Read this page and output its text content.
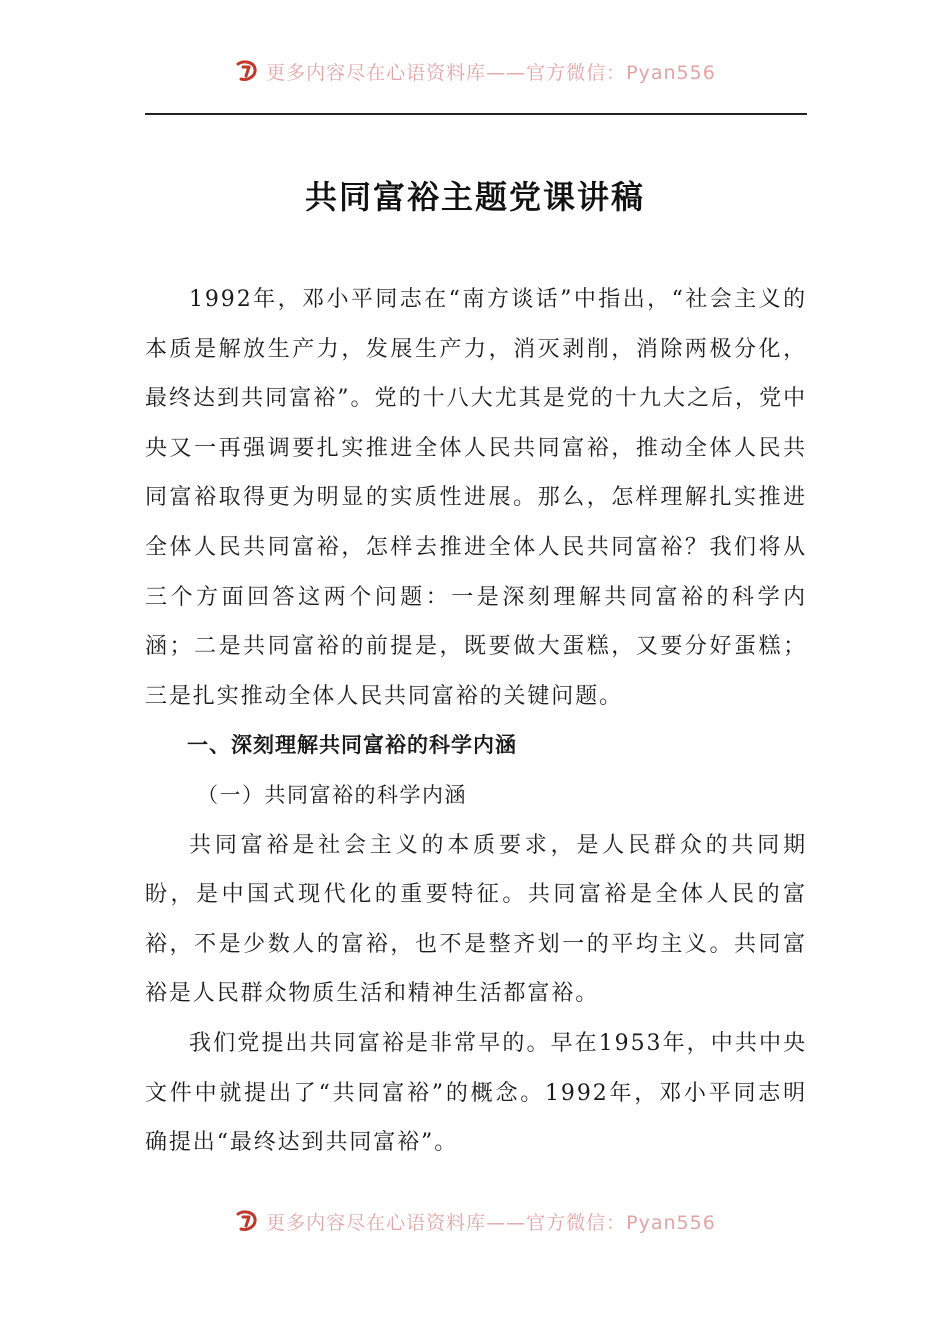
更多内容尽在心语资料库——官方微信：Pyan556
共同富裕主题党课讲稿

1992年，邓小平同志在“南方谈话”中指出，“社会主义的本质是解放生产力，发展生产力，消灭剥削，消除两极分化，最终达到共同富裕”。党的十八大尤其是党的十九大之后，党中央又一再强调要扎实推进全体人民共同富裕，推动全体人民共同富裕取得更为明显的实质性进展。那么，怎样理解扎实推进全体人民共同富裕，怎样去推进全体人民共同富裕？我们将从三个方面回答这两个问题：一是深刻理解共同富裕的科学内涵；二是共同富裕的前提是，既要做大蛋糕，又要分好蛋糕；三是扎实推动全体人民共同富裕的关键问题。

一、深刻理解共同富裕的科学内涵

（一）共同富裕的科学内涵

共同富裕是社会主义的本质要求，是人民群众的共同期盼，是中国式现代化的重要特征。共同富裕是全体人民的富裕，不是少数人的富裕，也不是整齐划一的平均主义。共同富裕是人民群众物质生活和精神生活都富裕。

我们党提出共同富裕是非常早的。早在1953年，中共中央文件中就提出了“共同富裕”的概念。1992年，邓小平同志明确提出“最终达到共同富裕”。

更多内容尽在心语资料库——官方微信：Pyan556
